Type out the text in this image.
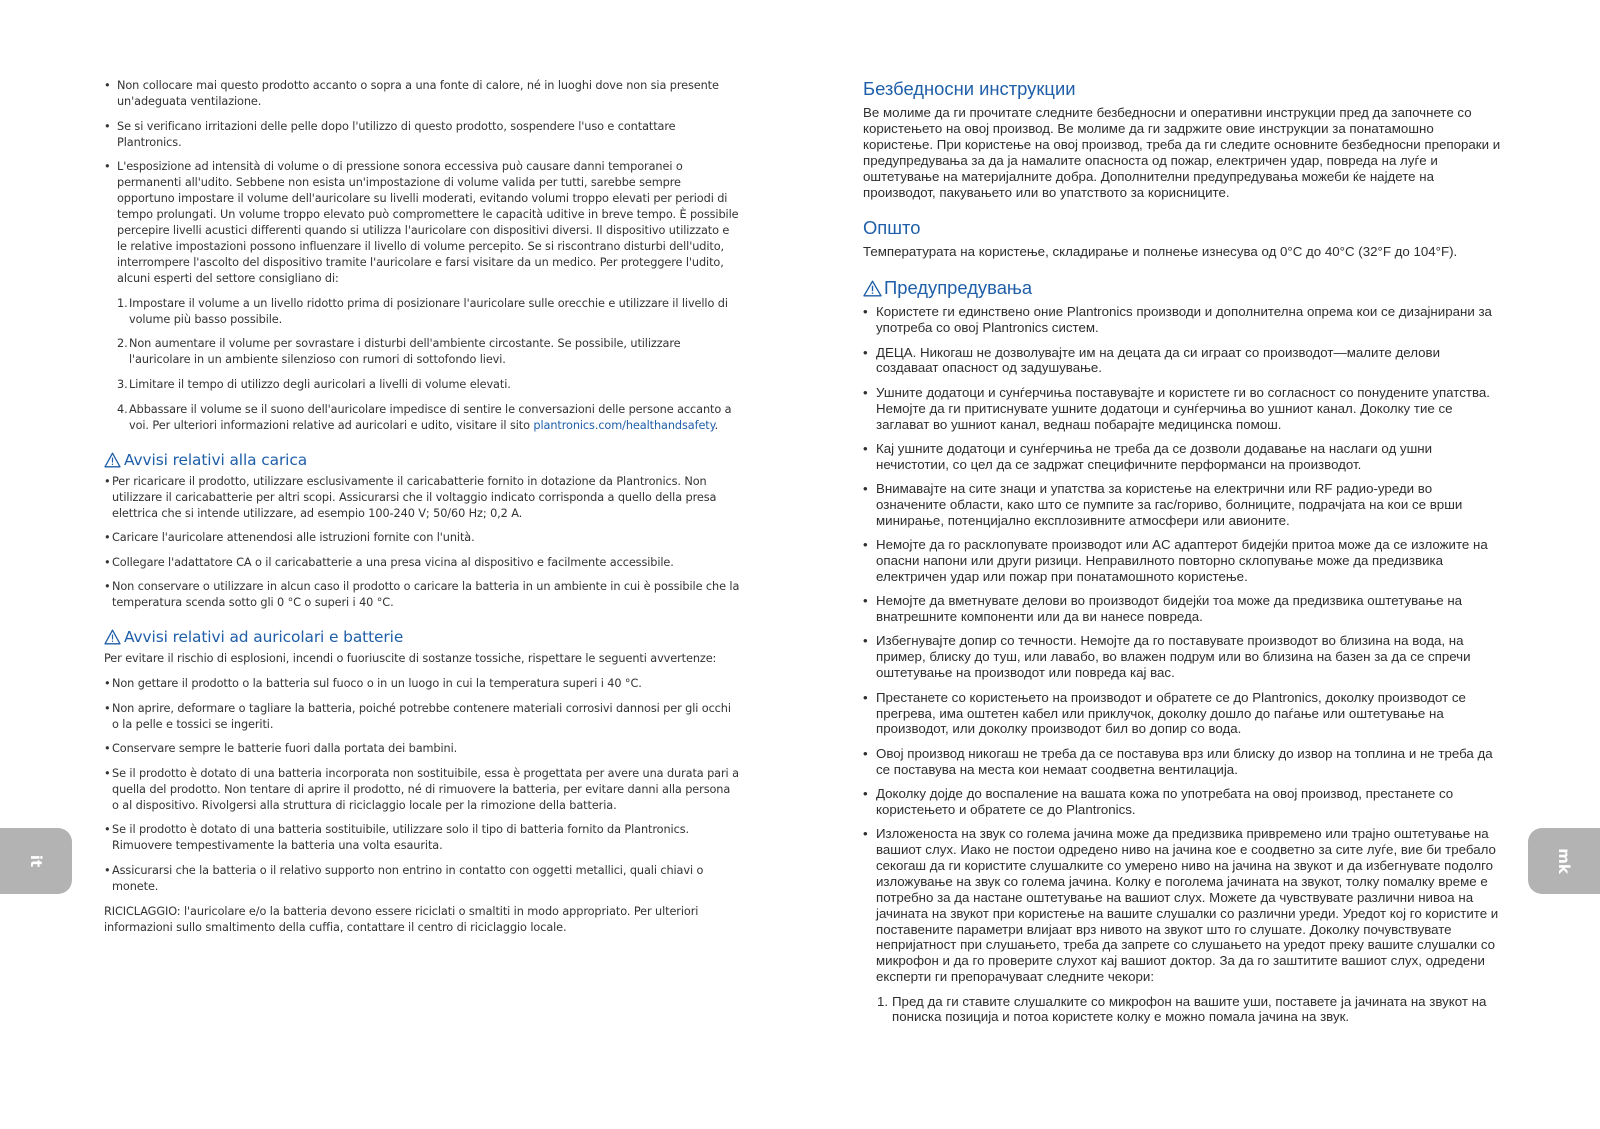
• Non collocare mai questo prodotto accanto o sopra a una fonte di calore, né in luoghi dove non sia presente un'adeguata ventilazione.
• Se si verificano irritazioni delle pelle dopo l'utilizzo di questo prodotto, sospendere l'uso e contattare Plantronics.
• L'esposizione ad intensità di volume o di pressione sonora eccessiva può causare danni temporanei o permanenti all'udito. Sebbene non esista un'impostazione di volume valida per tutti, sarebbe sempre opportuno impostare il volume dell'auricolare su livelli moderati, evitando volumi troppo elevati per periodi di tempo prolungati. Un volume troppo elevato può compromettere le capacità uditive in breve tempo. È possibile percepire livelli acustici differenti quando si utilizza l'auricolare con dispositivi diversi. Il dispositivo utilizzato e le relative impostazioni possono influenzare il livello di volume percepito. Se si riscontrano disturbi dell'udito, interrompere l'ascolto del dispositivo tramite l'auricolare e farsi visitare da un medico. Per proteggere l'udito, alcuni esperti del settore consigliano di:
1. Impostare il volume a un livello ridotto prima di posizionare l'auricolare sulle orecchie e utilizzare il livello di volume più basso possibile.
2. Non aumentare il volume per sovrastare i disturbi dell'ambiente circostante. Se possibile, utilizzare l'auricolare in un ambiente silenzioso con rumori di sottofondo lievi.
3. Limitare il tempo di utilizzo degli auricolari a livelli di volume elevati.
4. Abbassare il volume se il suono dell'auricolare impedisce di sentire le conversazioni delle persone accanto a voi. Per ulteriori informazioni relative ad auricolari e udito, visitare il sito plantronics.com/healthandsafety.
Avvisi relativi alla carica
• Per ricaricare il prodotto, utilizzare esclusivamente il caricabatterie fornito in dotazione da Plantronics. Non utilizzare il caricabatterie per altri scopi. Assicurarsi che il voltaggio indicato corrisponda a quello della presa elettrica che si intende utilizzare, ad esempio 100-240 V; 50/60 Hz; 0,2 A.
• Caricare l'auricolare attenendosi alle istruzioni fornite con l'unità.
• Collegare l'adattatore CA o il caricabatterie a una presa vicina al dispositivo e facilmente accessibile.
• Non conservare o utilizzare in alcun caso il prodotto o caricare la batteria in un ambiente in cui è possibile che la temperatura scenda sotto gli 0 °C o superi i 40 °C.
Avvisi relativi ad auricolari e batterie

Per evitare il rischio di esplosioni, incendi o fuoriuscite di sostanze tossiche, rispettare le seguenti avvertenze:

• Non gettare il prodotto o la batteria sul fuoco o in un luogo in cui la temperatura superi i 40 °C.
• Non aprire, deformare o tagliare la batteria, poiché potrebbe contenere materiali corrosivi dannosi per gli occhi o la pelle e tossici se ingeriti.
• Conservare sempre le batterie fuori dalla portata dei bambini.
• Se il prodotto è dotato di una batteria incorporata non sostituibile, essa è progettata per avere una durata pari a quella del prodotto. Non tentare di aprire il prodotto, né di rimuovere la batteria, per evitare danni alla persona o al dispositivo. Rivolgersi alla struttura di riciclaggio locale per la rimozione della batteria.
• Se il prodotto è dotato di una batteria sostituibile, utilizzare solo il tipo di batteria fornito da Plantronics. Rimuovere tempestivamente la batteria una volta esaurita.
• Assicurarsi che la batteria o il relativo supporto non entrino in contatto con oggetti metallici, quali chiavi o monete.

RICICLAGGIO: l'auricolare e/o la batteria devono essere riciclati o smaltiti in modo appropriato. Per ulteriori informazioni sullo smaltimento della cuffia, contattare il centro di riciclaggio locale.

it
Безбедносни инструкции

Ве молиме да ги прочитате следните безбедносни и оперативни инструкции пред да започнете со користењето на овој производ. Ве молиме да ги задржите овие инструкции за понатамошно користење. При користење на овој производ, треба да ги следите основните безбедносни препораки и предупредувања за да ја намалите опасноста од пожар, електричен удар, повреда на луѓе и оштетување на материјалните добра. Дополнителни предупредувања можеби ќе најдете на производот, пакувањето или во упатството за корисниците.

Општо

Температурата на користење, складирање и полнење изнесува од 0°C до 40°C (32°F до 104°F).

Предупредувања
• Користете ги единствено оние Plantronics производи и дополнителна опрема кои се дизајнирани за употреба со овој Plantronics систем.
• ДЕЦА. Никогаш не дозволувајте им на децата да си играат со производот—малите делови создаваат опасност од задушување.
• Ушните додатоци и сунѓерчиња поставувајте и користете ги во согласност со понудените упатства. Немојте да ги притиснувате ушните додатоци и сунѓерчиња во ушниот канал. Доколку тие се заглават во ушниот канал, веднаш побарајте медицинска помош.
• Кај ушните додатоци и сунѓерчиња не треба да се дозволи додавање на наслаги од ушни нечистотии, со цел да се задржат специфичните перформанси на производот.
• Внимавајте на сите знаци и упатства за користење на електрични или RF радио-уреди во означените области, како што се пумпите за гас/гориво, болниците, подрачјата на кои се врши минирање, потенцијално експлозивните атмосфери или авионите.
• Немојте да го расклопувате производот или AC адаптерот бидејќи притоа може да се изложите на опасни напони или други ризици. Неправилното повторно склопување може да предизвика електричен удар или пожар при понатамошното користење.
• Немојте да вметнувате делови во производот бидејќи тоа може да предизвика оштетување на внатрешните компоненти или да ви нанесе повреда.
• Избегнувајте допир со течности. Немојте да го поставувате производот во близина на вода, на пример, блиску до туш, или лавабо, во влажен подрум или во близина на базен за да се спречи оштетување на производот или повреда кај вас.
• Престанете со користењето на производот и обратете се до Plantronics, доколку производот се прегрева, има оштетен кабел или приклучок, доколку дошло до паѓање или оштетување на производот, или доколку производот бил во допир со вода.
• Овој производ никогаш не треба да се поставува врз или блиску до извор на топлина и не треба да се поставува на места кои немаат соодветна вентилација.
• Доколку дојде до воспаление на вашата кожа по употребата на овој производ, престанете со користењето и обратете се до Plantronics.
• Изложеноста на звук со голема јачина може да предизвика привремено или трајно оштетување на вашиот слух. Иако не постои одредено ниво на јачина кое е соодветно за сите луѓе, вие би требало секогаш да ги користите слушалките со умерено ниво на јачина на звукот и да избегнувате подолго изложување на звук со голема јачина. Колку е поголема јачината на звукот, толку помалку време е потребно за да настане оштетување на вашиот слух. Можете да чувствувате различни нивоа на јачината на звукот при користење на вашите слушалки со различни уреди. Уредот кој го користите и поставените параметри влијаат врз нивото на звукот што го слушате. Доколку почувствувате непријатност при слушањето, треба да запрете со слушањето на уредот преку вашите слушалки со микрофон и да го проверите слухот кај вашиот доктор. За да го заштитите вашиот слух, одредени експерти ги препорачуваат следните чекори:
1. Пред да ги ставите слушалките со микрофон на вашите уши, поставете ја јачината на звукот на пониска позиција и потоа користете колку е можно помала јачина на звук.
mk
